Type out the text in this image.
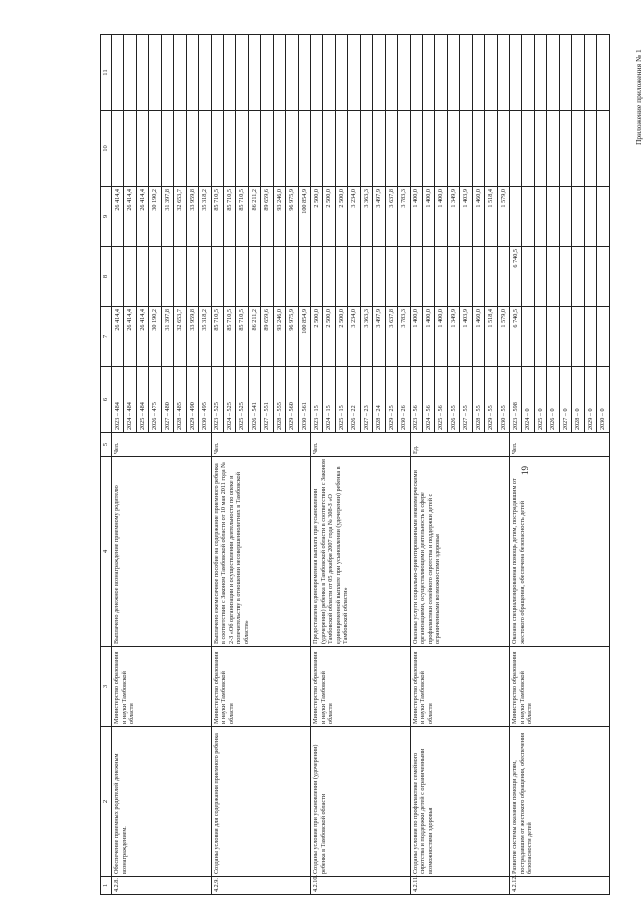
19
Приложение приложения № 1
1	2	3	4	5	6	7	8	9	10	11
4.2.8.	Обеспечение приемных родителей денежным вознаграждением.	Министерство образования и науки Тамбовской области	Выплачено денежное вознаграждение приемному родителю	Чел.	2023 – 484	26 414,4		26 414,4		
					2024 – 484	26 414,4		26 414,4		
					2025 – 484	26 414,4		26 414,4		
					2026 – 475	30 190,2		30 190,2		
					2027 – 480	31 397,8		31 397,8		
					2028 – 485	32 653,7		32 653,7		
					2029 – 490	33 959,8		33 959,8		
					2030 – 495	35 318,2		35 318,2		
4.2.9.	Созданы условия для содержания приемного ребенка	Министерство образования и науки Тамбовской области	Выплачено ежемесячное пособие на содержание приемного ребенка в соответствии с Законом Тамбовской области от 10 мая 2011 года № 2-З «Об организации и осуществлении деятельности по опеке и попечительству в отношении несовершеннолетних в Тамбовской области»	Чел.	2023 – 525	85 710,5		85 710,5		
					2024 – 525	85 710,5		85 710,5		
					2025 – 525	85 710,5		85 710,5		
					2026 – 541	86 211,2		86 211,2		
					2027 – 551	89 659,6		89 659,6		
					2028 – 555	93 246,0		93 246,0		
					2029 – 560	96 975,9		96 975,9		
					2030 – 561	100 854,9		100 854,9		
4.2.10.	Созданы условия при усыновлении (удочерении) ребенка в Тамбовской области	Министерство образования и науки Тамбовской области	Предоставлена единовременная выплата при усыновлении (удочерении) ребенка в Тамбовской области в соответствии с Законом Тамбовской области от 05 декабря 2007 года № 308-З «О единовременной выплате при усыновлении (удочерении) ребенка в Тамбовской области»	Чел.	2023 – 15	2 500,0		2 500,0		
					2024 – 15	2 500,0		2 500,0		
					2025 – 15	2 500,0		2 500,0		
					2026 – 22	3 234,0		3 234,0		
					2027 – 23	3 363,3		3 363,3		
					2028 – 24	3 497,9		3 497,9		
					2029 – 25	3 637,8		3 637,8		
					2030 – 26	3 783,3		3 783,3		
4.2.11.	Созданы условия по профилактике семейного сиротства и поддержки детей с ограниченными возможностями здоровья	Министерство образования и науки Тамбовской области	Оказаны услуги социально-ориентированными некоммерческими организациями, осуществляющими деятельность в сфере профилактики семейного сиротства и поддержки детей с ограниченными возможностями здоровья	Ед.	2023 – 56	1 400,0		1 400,0		
					2024 – 56	1 400,0		1 400,0		
					2025 – 56	1 400,0		1 400,0		
					2026 – 55	1 349,9		1 349,9		
					2027 – 55	1 403,9		1 403,9		
					2028 – 55	1 460,0		1 460,0		
					2029 – 55	1 518,4		1 518,4		
					2030 – 55	1 579,0		1 579,0		
4.2.12.	Развитие системы оказания помощи детям, пострадавшим от жестокого обращения, обеспечения безопасности детей	Министерство образования и науки Тамбовской области	Оказана специализированная помощь детям, пострадавшим от жестокого обращения, обеспечена безопасность детей	Чел.	2023 – 598	6 740,5	6 740,5			
					2024 – 0					
					2025 – 0					
					2026 – 0					
					2027 – 0					
					2028 – 0					
					2029 – 0					
					2030 – 0					
